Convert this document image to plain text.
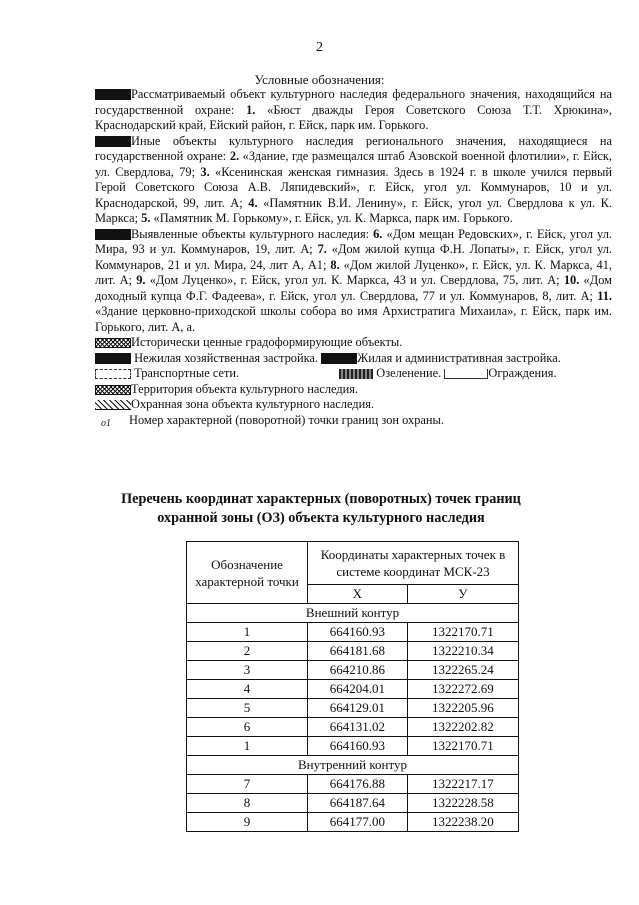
2
Условные обозначения:

Рассматриваемый объект культурного наследия федерального значения, находящийся на государственной охране: 1. «Бюст дважды Героя Советского Союза Т.Т. Хрюкина», Краснодарский край, Ейский район, г. Ейск, парк им. Горького.

Иные объекты культурного наследия регионального значения, находящиеся на государственной охране: 2. «Здание, где размещался штаб Азовской военной флотилии», г. Ейск, ул. Свердлова, 79; 3. «Ксенинская женская гимназия. Здесь в 1924 г. в школе учился первый Герой Советского Союза А.В. Ляпидевский», г. Ейск, угол ул. Коммунаров, 10 и ул. Краснодарской, 99, лит. А; 4. «Памятник В.И. Ленину», г. Ейск, угол ул. Свердлова к ул. К. Маркса; 5. «Памятник М. Горькому», г. Ейск, ул. К. Маркса, парк им. Горького.

Выявленные объекты культурного наследия: 6. «Дом мещан Редовских», г. Ейск, угол ул. Мира, 93 и ул. Коммунаров, 19, лит. А; 7. «Дом жилой купца Ф.Н. Лопаты», г. Ейск, угол ул. Коммунаров, 21 и ул. Мира, 24, лит А, А1; 8. «Дом жилой Луценко», г. Ейск, ул. К. Маркса, 41, лит. А; 9. «Дом Луценко», г. Ейск, угол ул. К. Маркса, 43 и ул. Свердлова, 75, лит. А; 10. «Дом доходный купца Ф.Г. Фадеева», г. Ейск, угол ул. Свердлова, 77 и ул. Коммунаров, 8, лит. А; 11. «Здание церковно-приходской школы собора во имя Архистратига Михаила», г. Ейск, парк им. Горького, лит. А, а.

Исторически ценные градоформирующие объекты.

Нежилая хозяйственная застройка.	Жилая и административная застройка.

Транспортные сети.	Озеленение.	Ограждения.

Территория объекта культурного наследия.

Охранная зона объекта культурного наследия.

о1 Номер характерной (поворотной) точки границ зон охраны.

Перечень координат характерных (поворотных) точек границ охранной зоны (ОЗ) объекта культурного наследия
Обозначение характерной точки	Координаты характерных точек в системе координат МСК-23	
	X	У
Внешний контур		
1	664160.93	1322170.71
2	664181.68	1322210.34
3	664210.86	1322265.24
4	664204.01	1322272.69
5	664129.01	1322205.96
6	664131.02	1322202.82
1	664160.93	1322170.71
Внутренний контур		
7	664176.88	1322217.17
8	664187.64	1322228.58
9	664177.00	1322238.20
